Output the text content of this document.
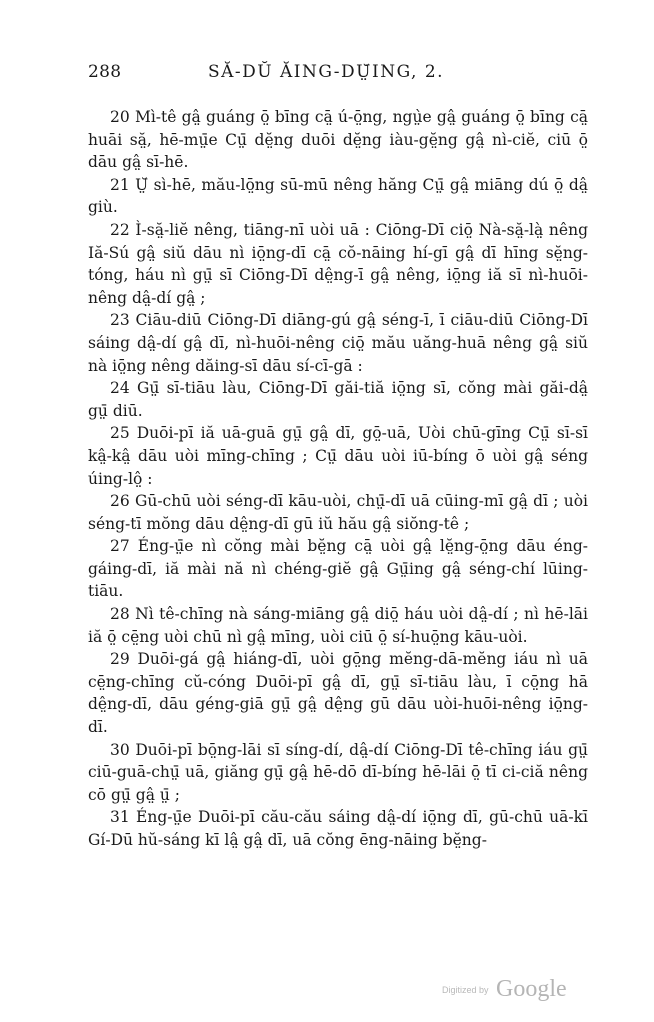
288	SĂ-DŬ ĂING-DṲ̆ING, 2.

20 Mì-tê gâ̤ guáng ō̤ bīng cā̤ ú-ō̤ng, ngṳ̀e gâ̤ guáng ō̤ bīng cā̤ huāi să̤, hē-mṳ̄e Cṳ̄ dĕ̤ng duōi dĕ̤ng iàu-gĕ̤ng gâ̤ nì-ciĕ, ciū ō̤ dāu gâ̤ sī-hē.

21 Ṳ̆ sì-hē, mău-lō̤ng sū-mū nêng hăng Cṳ̄ gâ̤ miāng dú ō̤ dâ̤ giù.

22 Ì-să̤-liĕ nêng, tiāng-nī uòi uā : Ciōng-Dī ciō̤ Nà-să̤-là̤ nêng Iă-Sú gâ̤ siŭ dāu nì iō̤ng-dī cā̤ cŏ-nāing hí-gī gâ̤ dī hīng sĕ̤ng-tóng, háu nì gṳ̄ sī Ciōng-Dī dê̤ng-ī gâ̤ nêng, iō̤ng iă sī nì-huōi-nêng dâ̤-dí gâ̤ ;

23 Ciāu-diū Ciōng-Dī diāng-gú gâ̤ séng-ī, ī ciāu-diū Ciōng-Dī sáing dâ̤-dí gâ̤ dī, nì-huōi-nêng ciō̤ mău uăng-huā nêng gâ̤ siŭ nà iō̤ng nêng dăing-sī dāu sí-cī-gā :

24 Gṳ̄ sī-tiāu làu, Ciōng-Dī găi-tiă iō̤ng sī, cŏng mài găi-dâ̤ gṳ̄ diū.

25 Duōi-pī iă uā-guā gṳ̄ gâ̤ dī, gō̤-uā, Uòi chū-gīng Cṳ̄ sī-sī kâ̤-kâ̤ dāu uòi mīng-chīng ; Cṳ̄ dāu uòi iū-bíng ō uòi gâ̤ séng úing-lô̤ :

26 Gū-chū uòi séng-dī kāu-uòi, chṳ̄-dī uā cūing-mī gâ̤ dī ; uòi séng-tī mŏng dāu dê̤ng-dī gū iŭ hău gâ̤ siŏng-tê ;

27 Éng-ṳ̄e nì cŏng mài bĕ̤ng cā̤ uòi gâ̤ lĕ̤ng-ō̤ng dāu éng-gáing-dī, iă mài nă nì chéng-giĕ gâ̤ Gṳ̄ing gâ̤ séng-chí lūing-tiāu.

28 Nì tê-chīng nà sáng-miāng gâ̤ diō̤ háu uòi dâ̤-dí ; nì hē-lāi iă ō̤ cē̤ng uòi chū nì gâ̤ mīng, uòi ciū ō̤ sí-huō̤ng kāu-uòi.

29 Duōi-gá gâ̤ hiáng-dī, uòi gō̤ng mĕng-dā-mĕng iáu nì uā cē̤ng-chīng cŭ-cóng Duōi-pī gâ̤ dī, gṳ̄ sī-tiāu làu, ī cō̤ng hā dê̤ng-dī, dāu géng-giā gṳ̄ gâ̤ dê̤ng gū dāu uòi-huōi-nêng iō̤ng-dī.

30 Duōi-pī bō̤ng-lāi sī síng-dí, dâ̤-dí Ciōng-Dī tê-chīng iáu gṳ̄ ciū-guā-chṳ̄ uā, giăng gṳ̄ gâ̤ hē-dō dī-bíng hē-lāi ō̤ tī ci-ciă nêng cō gṳ̄ gâ̤ ṳ̄ ;

31 Éng-ṳ̄e Duōi-pī cău-cău sáing dâ̤-dí iō̤ng dī, gū-chū uā-kī Gí-Dū hŭ-sáng kī lâ̤ gâ̤ dī, uā cŏng ēng-nāing bĕ̤ng-

Digitized by Google
